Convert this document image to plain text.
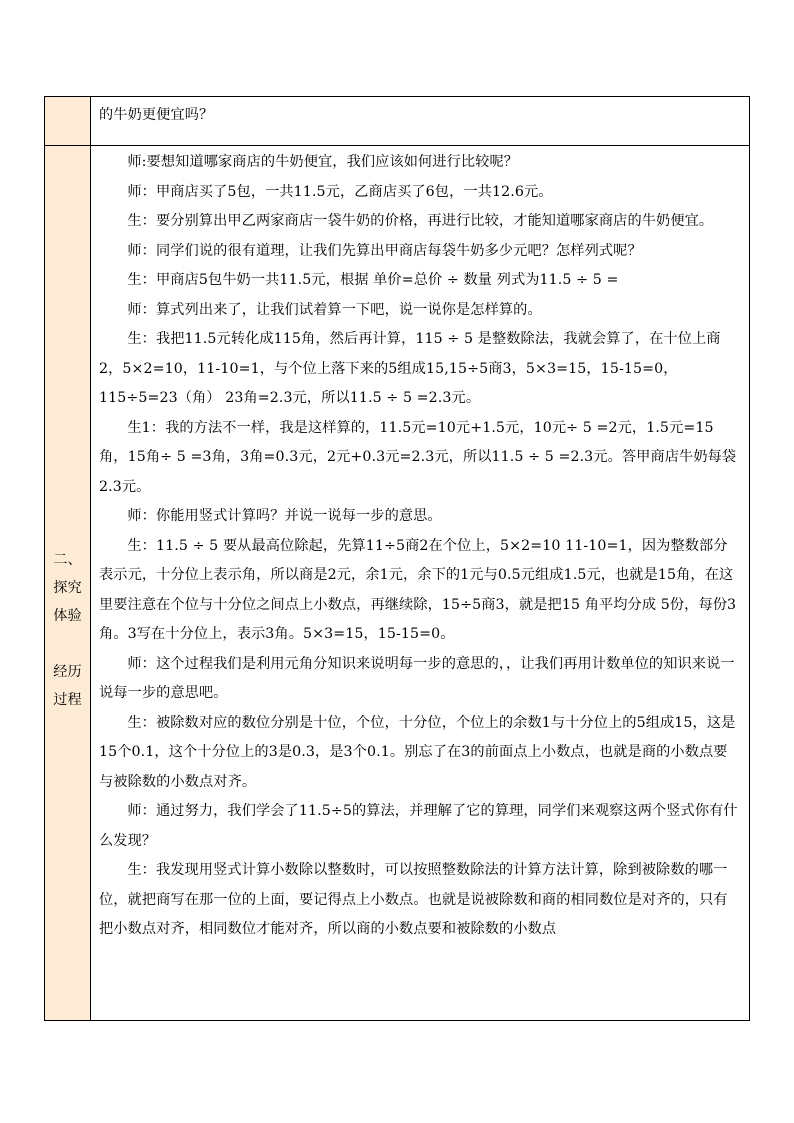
的牛奶更便宜吗？

二、
探究
体验
经历
过程

师:要想知道哪家商店的牛奶便宜，我们应该如何进行比较呢？

师：甲商店买了5包，一共11.5元，乙商店买了6包，一共12.6元。

生：要分别算出甲乙两家商店一袋牛奶的价格，再进行比较，才能知道哪家商店的牛奶便宜。

师：同学们说的很有道理，让我们先算出甲商店每袋牛奶多少元吧？怎样列式呢？

生：甲商店5包牛奶一共11.5元，根据 单价=总价 ÷ 数量 列式为11.5 ÷ 5 =

师：算式列出来了，让我们试着算一下吧，说一说你是怎样算的。

生：我把11.5元转化成115角，然后再计算，115 ÷ 5 是整数除法，我就会算了，在十位上商2，5×2=10，11-10=1，与个位上落下来的5组成15,15÷5商3，5×3=15，15-15=0，115÷5=23（角） 23角=2.3元，所以11.5 ÷ 5 =2.3元。

生1：我的方法不一样，我是这样算的，11.5元=10元+1.5元，10元÷ 5 =2元，1.5元=15角，15角÷ 5 =3角，3角=0.3元，2元+0.3元=2.3元，所以11.5 ÷ 5 =2.3元。答甲商店牛奶每袋2.3元。

师：你能用竖式计算吗？并说一说每一步的意思。

生：11.5 ÷ 5 要从最高位除起，先算11÷5商2在个位上，5×2=10 11-10=1，因为整数部分表示元，十分位上表示角，所以商是2元，余1元，余下的1元与0.5元组成1.5元，也就是15角，在这里要注意在个位与十分位之间点上小数点，再继续除，15÷5商3，就是把15 角平均分成 5份，每份3角。3写在十分位上，表示3角。5×3=15，15-15=0。

师：这个过程我们是利用元角分知识来说明每一步的意思的，，让我们再用计数单位的知识来说一说每一步的意思吧。

生：被除数对应的数位分别是十位，个位，十分位，个位上的余数1与十分位上的5组成15，这是15个0.1，这个十分位上的3是0.3，是3个0.1。别忘了在3的前面点上小数点，也就是商的小数点要与被除数的小数点对齐。

师：通过努力，我们学会了11.5÷5的算法，并理解了它的算理，同学们来观察这两个竖式你有什么发现？

生：我发现用竖式计算小数除以整数时，可以按照整数除法的计算方法计算，除到被除数的哪一位，就把商写在那一位的上面，要记得点上小数点。也就是说被除数和商的相同数位是对齐的，只有把小数点对齐，相同数位才能对齐，所以商的小数点要和被除数的小数点
